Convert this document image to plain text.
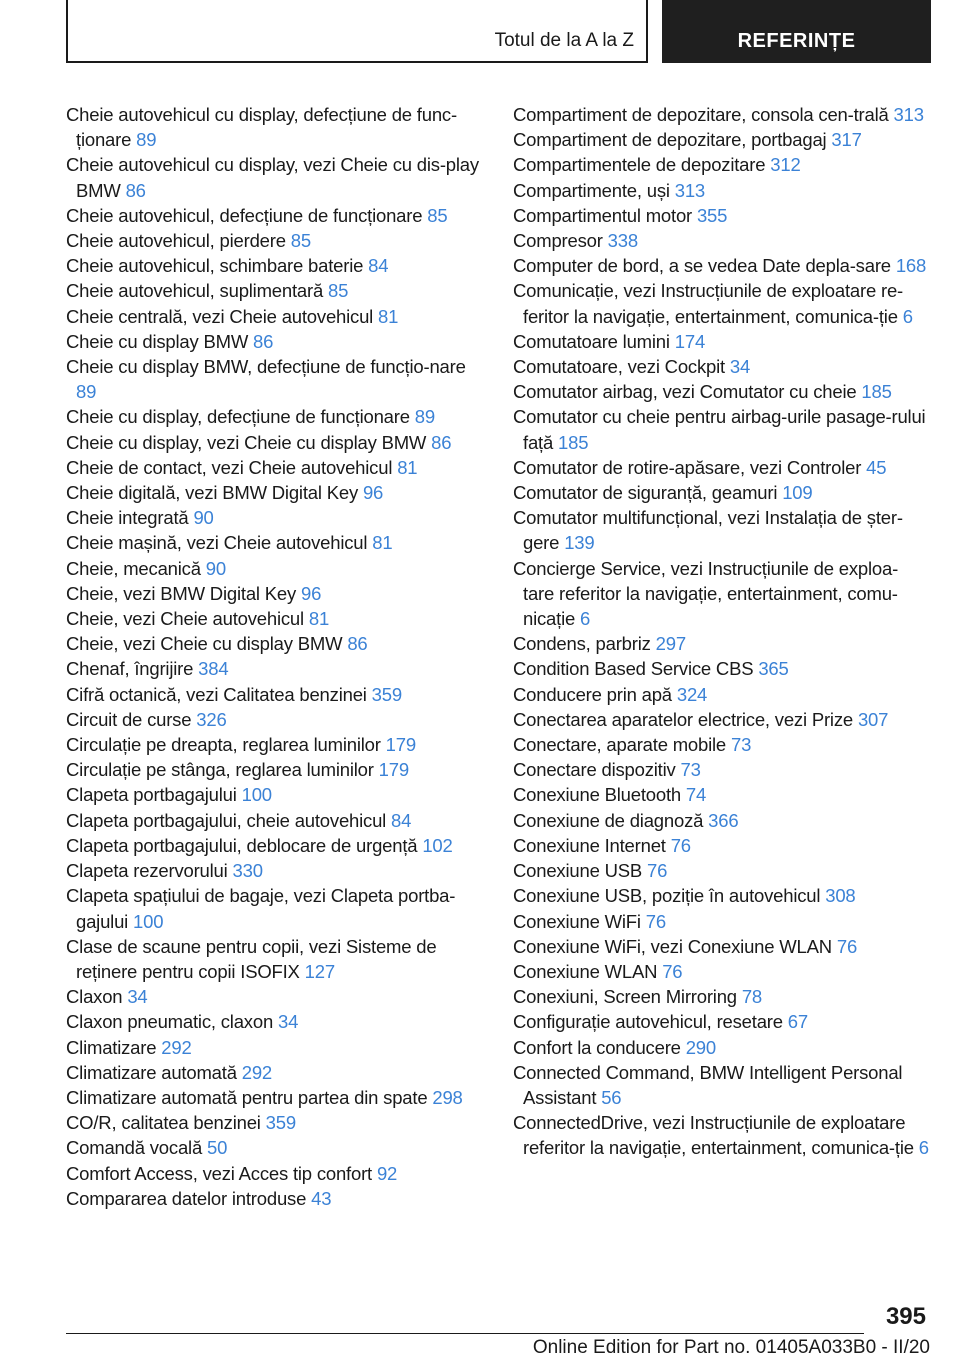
Totul de la A la Z	REFERINȚE
Cheie autovehicul cu display, defecțiune de func‐ționare 89
Cheie autovehicul cu display, vezi Cheie cu dis‐play BMW 86
Cheie autovehicul, defecțiune de funcționare 85
Cheie autovehicul, pierdere 85
Cheie autovehicul, schimbare baterie 84
Cheie autovehicul, suplimentară 85
Cheie centrală, vezi Cheie autovehicul 81
Cheie cu display BMW 86
Cheie cu display BMW, defecțiune de funcțio‐nare 89
Cheie cu display, defecțiune de funcționare 89
Cheie cu display, vezi Cheie cu display BMW 86
Cheie de contact, vezi Cheie autovehicul 81
Cheie digitală, vezi BMW Digital Key 96
Cheie integrată 90
Cheie mașină, vezi Cheie autovehicul 81
Cheie, mecanică 90
Cheie, vezi BMW Digital Key 96
Cheie, vezi Cheie autovehicul 81
Cheie, vezi Cheie cu display BMW 86
Chenaf, îngrijire 384
Cifră octanică, vezi Calitatea benzinei 359
Circuit de curse 326
Circulație pe dreapta, reglarea luminilor 179
Circulație pe stânga, reglarea luminilor 179
Clapeta portbagajului 100
Clapeta portbagajului, cheie autovehicul 84
Clapeta portbagajului, deblocare de urgență 102
Clapeta rezervorului 330
Clapeta spațiului de bagaje, vezi Clapeta portba‐gajului 100
Clase de scaune pentru copii, vezi Sisteme de reținere pentru copii ISOFIX 127
Claxon 34
Claxon pneumatic, claxon 34
Climatizare 292
Climatizare automată 292
Climatizare automată pentru partea din spate 298
CO/R, calitatea benzinei 359
Comandă vocală 50
Comfort Access, vezi Acces tip confort 92
Compararea datelor introduse 43
Compartiment de depozitare, consola cen‐trală 313
Compartiment de depozitare, portbagaj 317
Compartimentele de depozitare 312
Compartimente, uși 313
Compartimentul motor 355
Compresor 338
Computer de bord, a se vedea Date depla‐sare 168
Comunicație, vezi Instrucțiunile de exploatare re‐feritor la navigație, entertainment, comunica‐ție 6
Comutatoare lumini 174
Comutatoare, vezi Cockpit 34
Comutator airbag, vezi Comutator cu cheie 185
Comutator cu cheie pentru airbag-urile pasage‐rului față 185
Comutator de rotire-apăsare, vezi Controler 45
Comutator de siguranță, geamuri 109
Comutator multifuncțional, vezi Instalația de șter‐gere 139
Concierge Service, vezi Instrucțiunile de exploa‐tare referitor la navigație, entertainment, comu‐nicație 6
Condens, parbriz 297
Condition Based Service CBS 365
Conducere prin apă 324
Conectarea aparatelor electrice, vezi Prize 307
Conectare, aparate mobile 73
Conectare dispozitiv 73
Conexiune Bluetooth 74
Conexiune de diagnoză 366
Conexiune Internet 76
Conexiune USB 76
Conexiune USB, poziție în autovehicul 308
Conexiune WiFi 76
Conexiune WiFi, vezi Conexiune WLAN 76
Conexiune WLAN 76
Conexiuni, Screen Mirroring 78
Configurație autovehicul, resetare 67
Confort la conducere 290
Connected Command, BMW Intelligent Personal Assistant 56
ConnectedDrive, vezi Instrucțiunile de exploatare referitor la navigație, entertainment, comunica‐ție 6
395
Online Edition for Part no. 01405A033B0 - II/20
